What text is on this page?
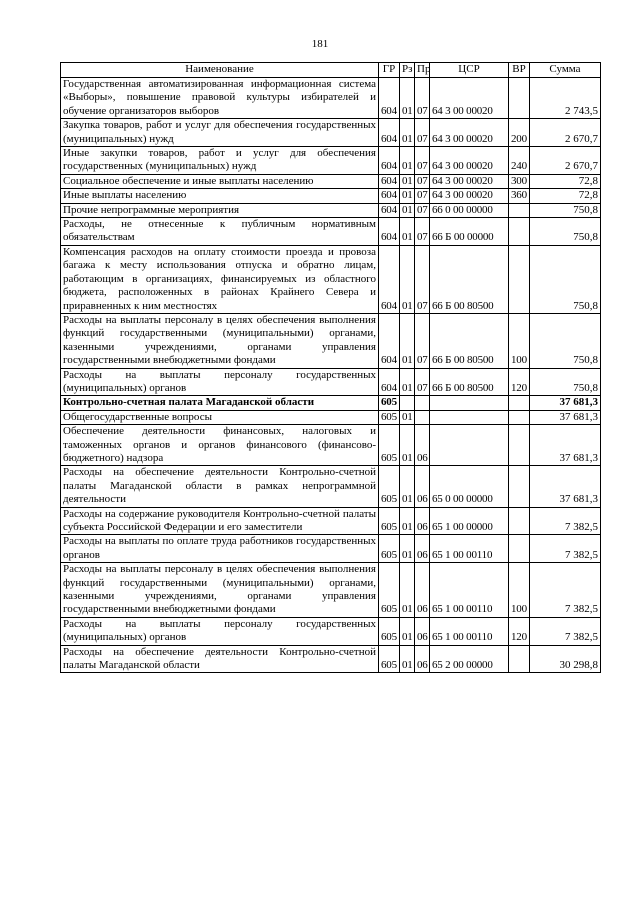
181
Наименование	ГР	Рз	Пр	ЦСР	ВР	Сумма
Государственная автоматизированная информационная система «Выборы», повышение правовой культуры избирателей и обучение организаторов выборов	604	01	07	64 3 00 00020		2 743,5
Закупка товаров, работ и услуг для обеспечения государственных (муниципальных) нужд	604	01	07	64 3 00 00020	200	2 670,7
Иные закупки товаров, работ и услуг для обеспечения государственных (муниципальных) нужд	604	01	07	64 3 00 00020	240	2 670,7
Социальное обеспечение и иные выплаты населению	604	01	07	64 3 00 00020	300	72,8
Иные выплаты населению	604	01	07	64 3 00 00020	360	72,8
Прочие непрограммные мероприятия	604	01	07	66 0 00 00000		750,8
Расходы, не отнесенные к публичным нормативным обязательствам	604	01	07	66 Б 00 00000		750,8
Компенсация расходов на оплату стоимости проезда и провоза багажа к месту использования отпуска и обратно лицам, работающим в организациях, финансируемых из областного бюджета, расположенных в районах Крайнего Севера и приравненных к ним местностях	604	01	07	66 Б 00 80500		750,8
Расходы на выплаты персоналу в целях обеспечения выполнения функций государственными (муниципальными) органами, казенными учреждениями, органами управления государственными внебюджетными фондами	604	01	07	66 Б 00 80500	100	750,8
Расходы на выплаты персоналу государственных (муниципальных) органов	604	01	07	66 Б 00 80500	120	750,8
Контрольно-счетная палата Магаданской области	605					37 681,3
Общегосударственные вопросы	605	01				37 681,3
Обеспечение деятельности финансовых, налоговых и таможенных органов и органов финансового (финансово-бюджетного) надзора	605	01	06			37 681,3
Расходы на обеспечение деятельности Контрольно-счетной палаты Магаданской области в рамках непрограммной деятельности	605	01	06	65 0 00 00000		37 681,3
Расходы на содержание руководителя Контрольно-счетной палаты субъекта Российской Федерации и его заместители	605	01	06	65 1 00 00000		7 382,5
Расходы на выплаты по оплате труда работников государственных органов	605	01	06	65 1 00 00110		7 382,5
Расходы на выплаты персоналу в целях обеспечения выполнения функций государственными (муниципальными) органами, казенными учреждениями, органами управления государственными внебюджетными фондами	605	01	06	65 1 00 00110	100	7 382,5
Расходы на выплаты персоналу государственных (муниципальных) органов	605	01	06	65 1 00 00110	120	7 382,5
Расходы на обеспечение деятельности Контрольно-счетной палаты Магаданской области	605	01	06	65 2 00 00000		30 298,8
